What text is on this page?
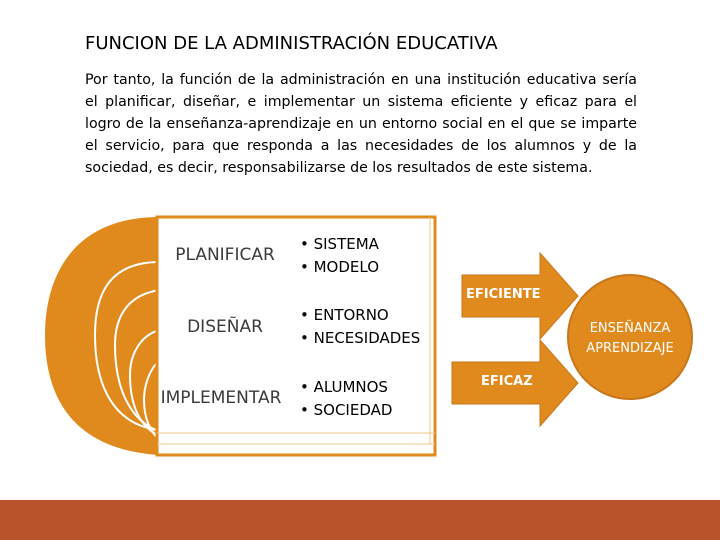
FUNCION DE LA ADMINISTRACIÓN EDUCATIVA
Por tanto, la función de la administración en una institución educativa sería el planificar, diseñar, e implementar un sistema eficiente y eficaz para el logro de la enseñanza-aprendizaje en un entorno social en el que se imparte el servicio, para que responda a las necesidades de los alumnos y de la sociedad, es decir, responsabilizarse de los resultados de este sistema.
PLANIFICAR
DISEÑAR
IMPLEMENTAR
• SISTEMA
• MODELO
• ENTORNO
• NECESIDADES
• ALUMNOS
• SOCIEDAD
EFICIENTE
EFICAZ
ENSEÑANZA
APRENDIZAJE
